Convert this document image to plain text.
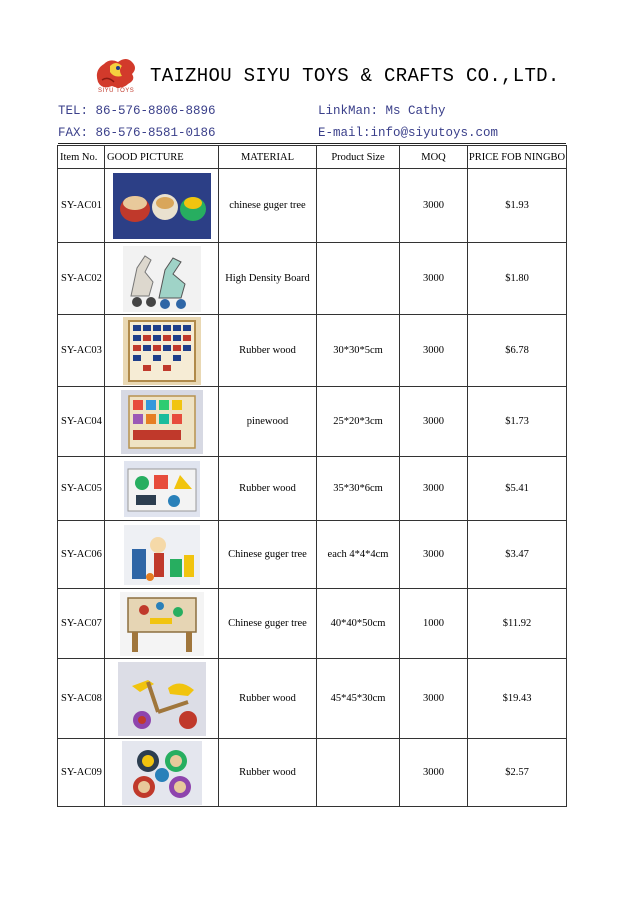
SIYU TOYS
TAIZHOU SIYU TOYS & CRAFTS CO.,LTD.
TEL: 86-576-8806-8896
FAX: 86-576-8581-0186
LinkMan: Ms Cathy
E-mail:info@siyutoys.com
Item No.	GOOD PICTURE	MATERIAL	Product Size	MOQ	PRICE FOB NINGBO
SY-AC01		chinese guger tree		3000	$1.93
SY-AC02		High Density Board		3000	$1.80
SY-AC03		Rubber wood	30*30*5cm	3000	$6.78
SY-AC04		pinewood	25*20*3cm	3000	$1.73
SY-AC05		Rubber wood	35*30*6cm	3000	$5.41
SY-AC06		Chinese guger tree	each 4*4*4cm	3000	$3.47
SY-AC07		Chinese guger tree	40*40*50cm	1000	$11.92
SY-AC08		Rubber wood	45*45*30cm	3000	$19.43
SY-AC09		Rubber wood		3000	$2.57
